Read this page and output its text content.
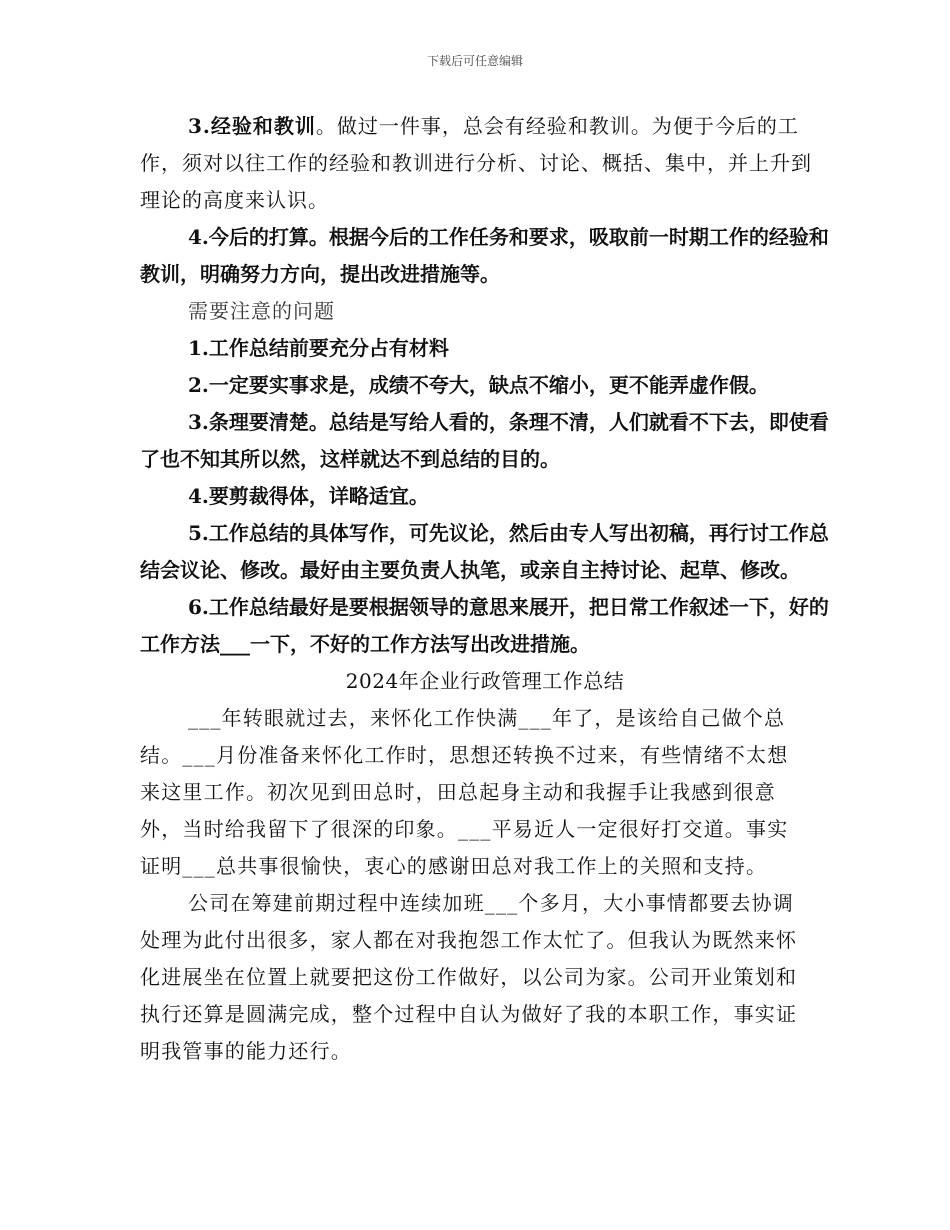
下载后可任意编辑

3.经验和教训。做过一件事，总会有经验和教训。为便于今后的工作，须对以往工作的经验和教训进行分析、讨论、概括、集中，并上升到理论的高度来认识。

4.今后的打算。根据今后的工作任务和要求，吸取前一时期工作的经验和教训，明确努力方向，提出改进措施等。

需要注意的问题

1.工作总结前要充分占有材料

2.一定要实事求是，成绩不夸大，缺点不缩小，更不能弄虚作假。

3.条理要清楚。总结是写给人看的，条理不清，人们就看不下去，即使看了也不知其所以然，这样就达不到总结的目的。

4.要剪裁得体，详略适宜。

5.工作总结的具体写作，可先议论，然后由专人写出初稿，再行讨工作总结会议论、修改。最好由主要负责人执笔，或亲自主持讨论、起草、修改。

6.工作总结最好是要根据领导的意思来展开，把日常工作叙述一下，好的工作方法___一下，不好的工作方法写出改进措施。

2024年企业行政管理工作总结

___年转眼就过去，来怀化工作快满___年了，是该给自己做个总结。___月份准备来怀化工作时，思想还转换不过来，有些情绪不太想来这里工作。初次见到田总时，田总起身主动和我握手让我感到很意外，当时给我留下了很深的印象。___平易近人一定很好打交道。事实证明___总共事很愉快，衷心的感谢田总对我工作上的关照和支持。

公司在筹建前期过程中连续加班___个多月，大小事情都要去协调处理为此付出很多，家人都在对我抱怨工作太忙了。但我认为既然来怀化进展坐在位置上就要把这份工作做好，以公司为家。公司开业策划和执行还算是圆满完成，整个过程中自认为做好了我的本职工作，事实证明我管事的能力还行。
